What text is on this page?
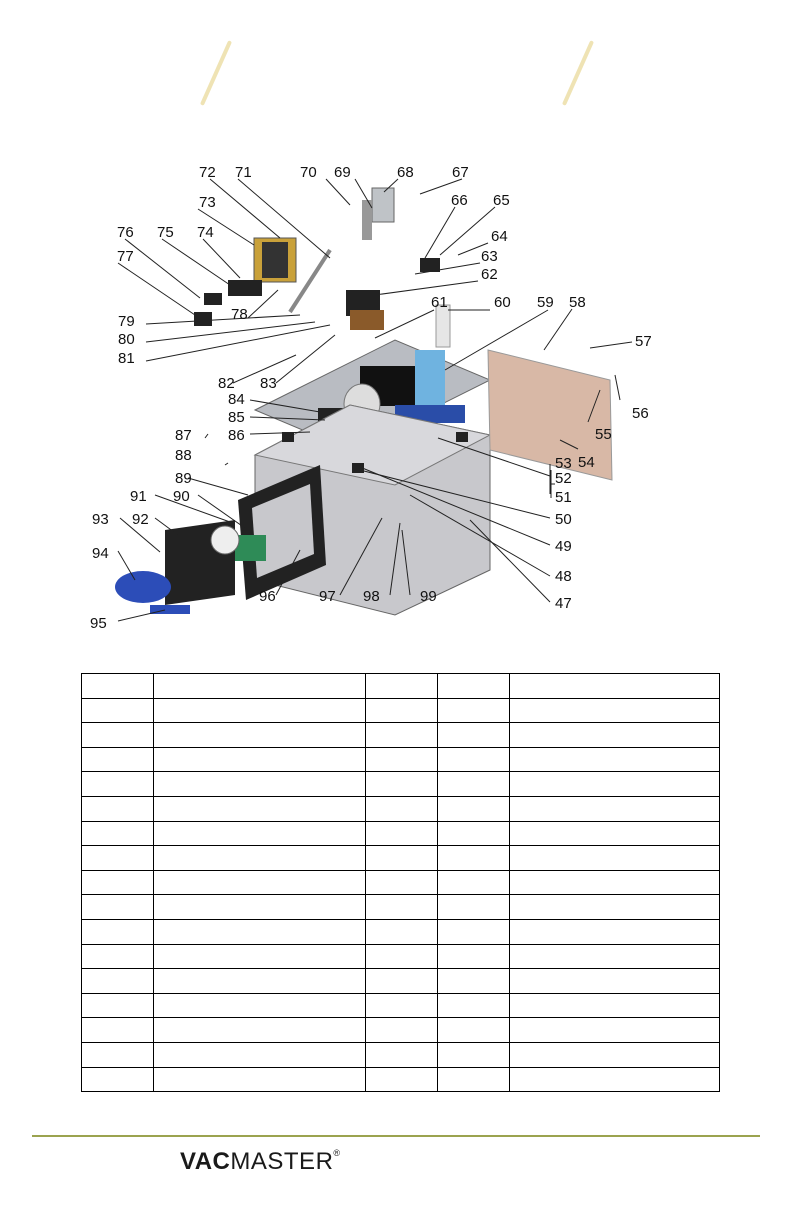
72 71	70 69	68	67
73	66 65
76 75 74	64
77	63
62
78
58
61	60 59
79
57
80
81
56
82 83
84
55
85
54
86
87
53
52
88
51
89
50
91 90
93 92
49
48
94
96	97 98	99	47
95

VACMASTER®
